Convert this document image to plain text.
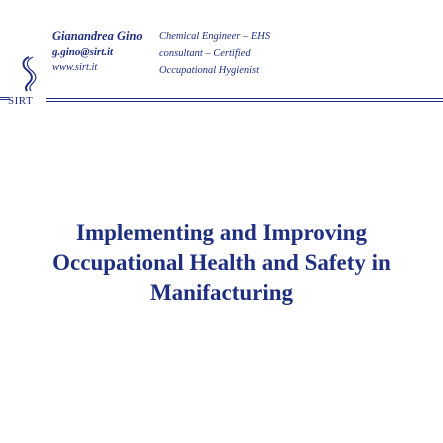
Gianandrea Gino
g.gino@sirt.it
www.sirt.it
Chemical Engineer – EHS
consultant – Certified
Occupational Hygienist
SIRT
Implementing and Improving
Occupational Health and Safety in
Manifacturing
